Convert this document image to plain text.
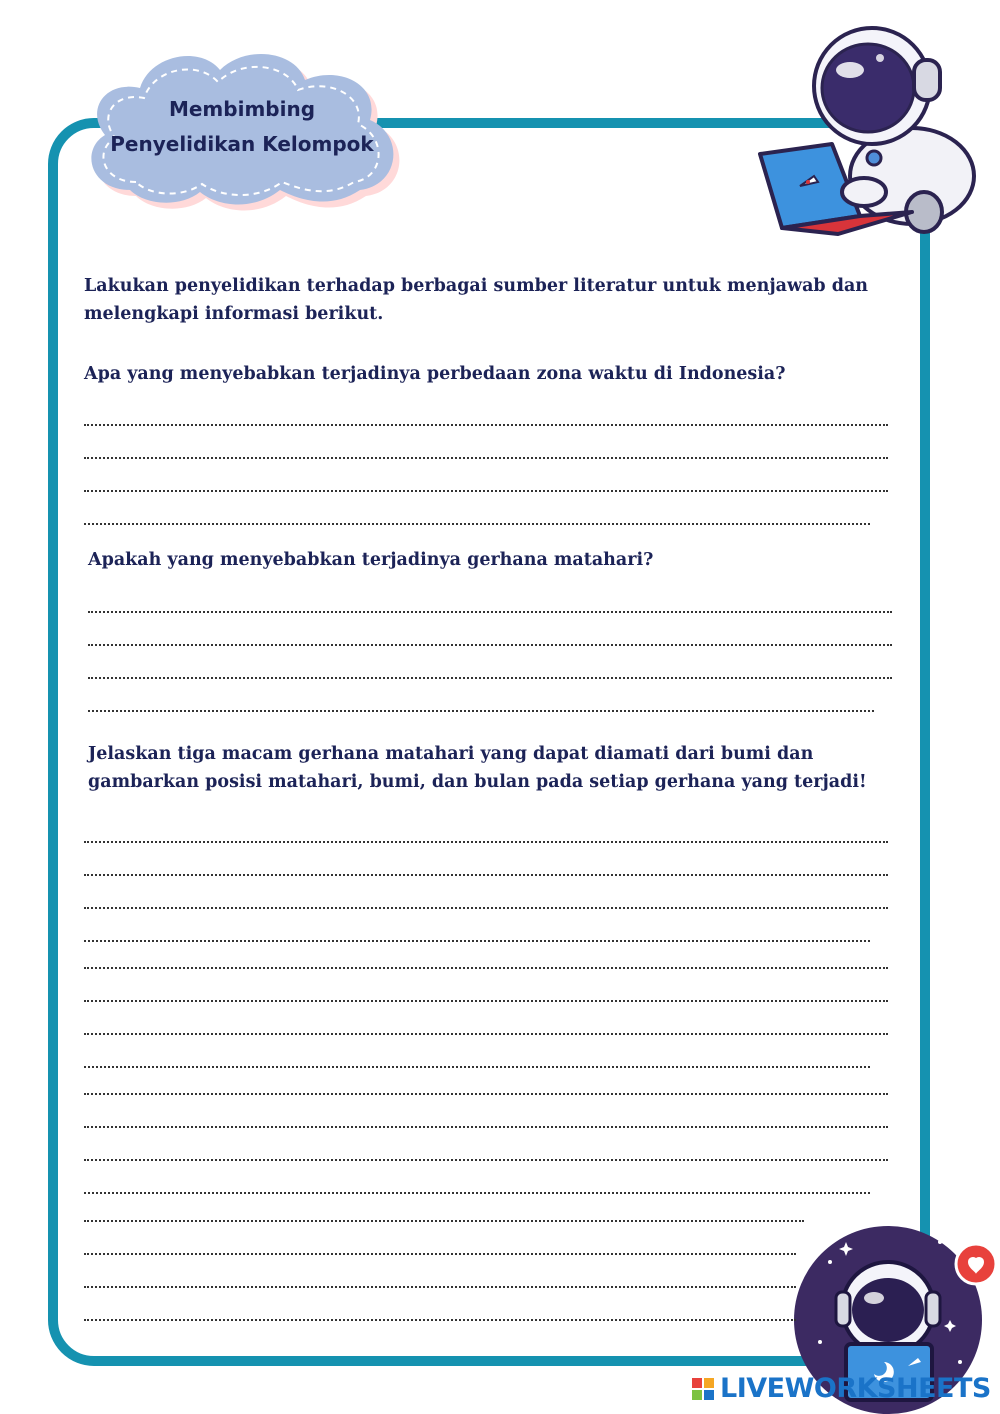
Membimbing
Penyelidikan Kelompok

Lakukan penyelidikan terhadap berbagai sumber literatur untuk menjawab dan melengkapi informasi berikut.

Apa yang menyebabkan terjadinya perbedaan zona waktu di Indonesia?

Apakah yang menyebabkan terjadinya gerhana matahari?

Jelaskan tiga macam gerhana matahari yang dapat diamati dari bumi dan gambarkan posisi matahari, bumi, dan bulan pada setiap gerhana yang terjadi!

LIVEWORKSHEETS
